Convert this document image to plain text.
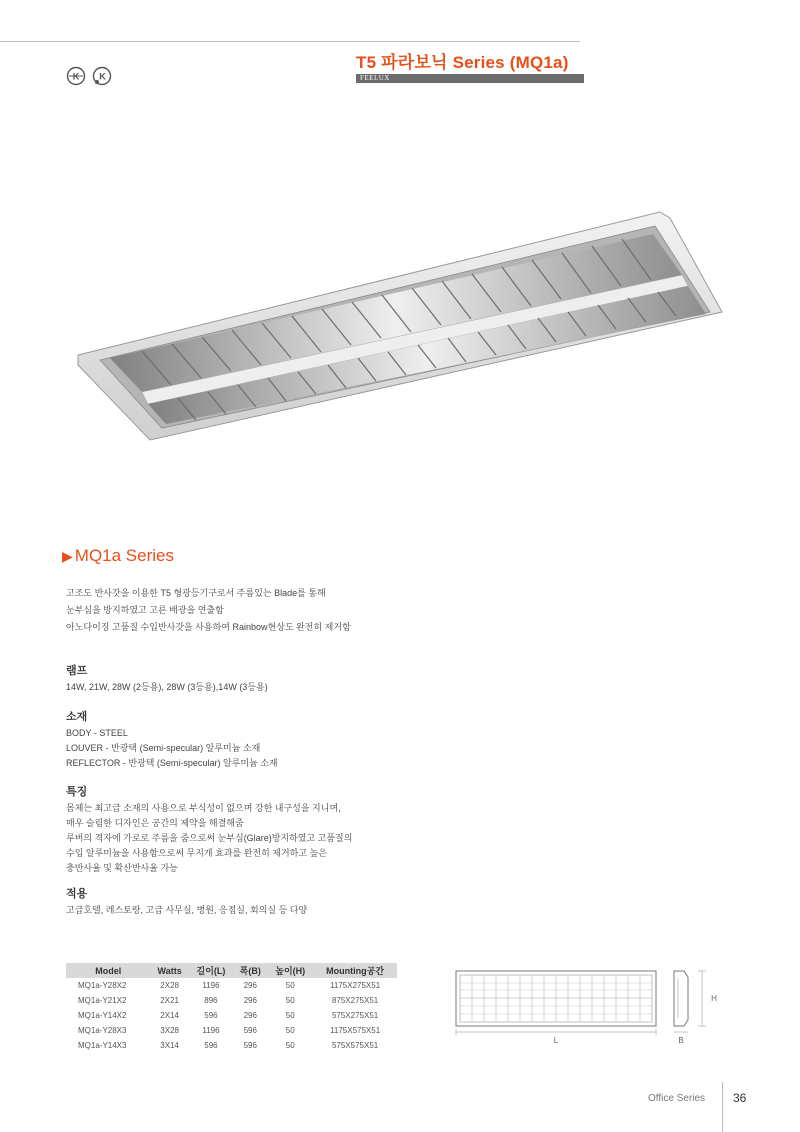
K K
T5 파라보닉 Series (MQ1a)
FEELUX
▶ MQ1a Series
고조도 반사갓을 이용한 T5 형광등기구로서 주름있는 Blade를 통해
눈부심을 방지하였고 고른 배광을 연출함
아노다이징 고품질 수입반사갓을 사용하여 Rainbow현상도 완전히 제거함
램프
14W, 21W, 28W (2등용), 28W (3등용),14W (3등용)
소재
BODY - STEEL
LOUVER - 반광택 (Semi-specular) 알루미늄 소재
REFLECTOR - 반광택 (Semi-specular) 알루미늄 소재
특징
몸체는 최고급 소재의 사용으로 부식성이 없으며 강한 내구성을 지니며,
매우 슬림한 디자인은 공간의 제약을 해결해줌
루버의 격자에 가로로 주름을 줌으로써 눈부심(Glare)방지하였고 고품질의
수입 알루미늄을 사용함으로써 무지개 효과를 완전히 제거하고 높은
충반사율 및 확산반사율 가능
적용
고급호텔, 레스토랑, 고급 사무실, 병원, 응접실, 회의실 등 다양
Model	Watts	길이(L)	폭(B)	높이(H)	Mounting공간
MQ1a-Y28X2	2X28	1196	296	50	1175X275X51
MQ1a-Y21X2	2X21	896	296	50	875X275X51
MQ1a-Y14X2	2X14	596	296	50	575X275X51
MQ1a-Y28X3	3X28	1196	596	50	1175X575X51
MQ1a-Y14X3	3X14	596	596	50	575X575X51
L
H
B
Office Series 36
